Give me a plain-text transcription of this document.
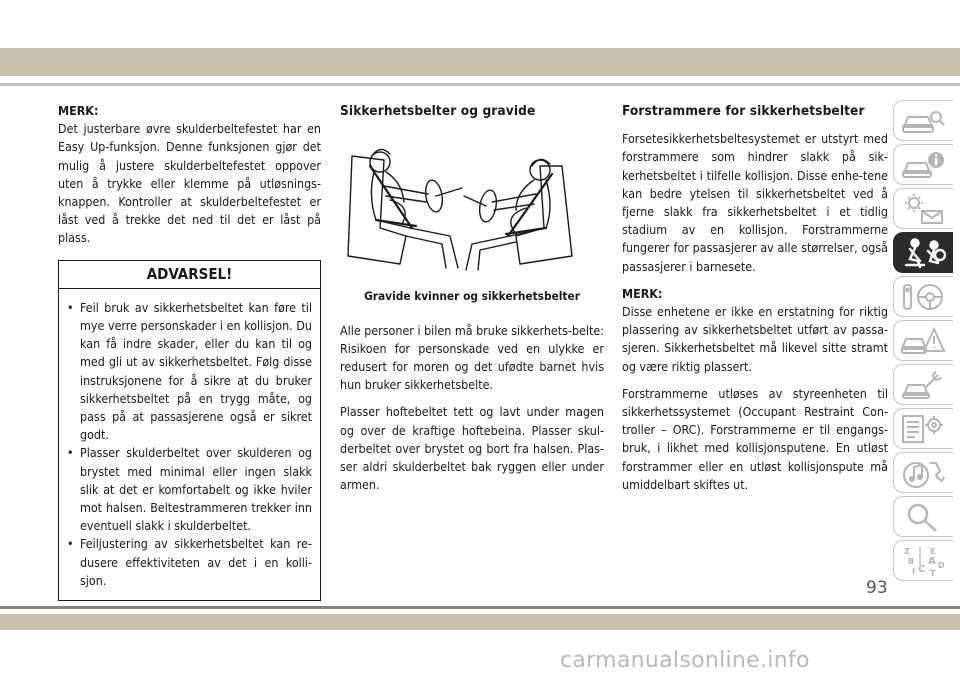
MERK:

Det justerbare øvre skulderbeltefestet har en Easy Up-funksjon. Denne funksjonen gjør det mulig å justere skulderbeltefestet oppover uten å trykke eller klemme på utløsnings-knappen. Kontroller at skulderbeltefestet er låst ved å trekke det ned til det er låst på plass.

ADVARSEL!
• Feil bruk av sikkerhetsbeltet kan føre til mye verre personskader i en kollisjon. Du kan få indre skader, eller du kan til og med gli ut av sikkerhetsbeltet. Følg disse instruksjonene for å sikre at du bruker sikkerhetsbeltet på en trygg måte, og pass på at passasjerene også er sikret godt.
• Plasser skulderbeltet over skulderen og brystet med minimal eller ingen slakk slik at det er komfortabelt og ikke hviler mot halsen. Beltestrammeren trekker inn eventuell slakk i skulderbeltet.
• Feiljustering av sikkerhetsbeltet kan re-dusere effektiviteten av det i en kolli-sjon.
Sikkerhetsbelter og gravide
Gravide kvinner og sikkerhetsbelter

Alle personer i bilen må bruke sikkerhets-belte: Risikoen for personskade ved en ulykke er redusert for moren og det ufødte barnet hvis hun bruker sikkerhetsbelte.

Plasser hoftebeltet tett og lavt under magen og over de kraftige hoftebeina. Plasser skul-derbeltet over brystet og bort fra halsen. Plas-ser aldri skulderbeltet bak ryggen eller under armen.

Forstrammere for sikkerhetsbelter

Forsetesikkerhetsbeltesystemet er utstyrt med forstrammere som hindrer slakk på sik-kerhetsbeltet i tilfelle kollisjon. Disse enhe-tene kan bedre ytelsen til sikkerhetsbeltet ved å fjerne slakk fra sikkerhetsbeltet i et tidlig stadium av en kollisjon. Forstrammerne fungerer for passasjerer av alle størrelser, også passasjerer i barnesete.

MERK:

Disse enhetene er ikke en erstatning for riktig plassering av sikkerhetsbeltet utført av passa-sjeren. Sikkerhetsbeltet må likevel sitte stramt og være riktig plassert.

Forstrammerne utløses av styreenheten til sikkerhetssystemet (Occupant Restraint Con-troller – ORC). Forstrammerne er til engangs-bruk, i likhet med kollisjonsputene. En utløst forstrammer eller en utløst kollisjonspute må umiddelbart skiftes ut.

Z	E
B A D
I C T
93
carmanualsonline.info
